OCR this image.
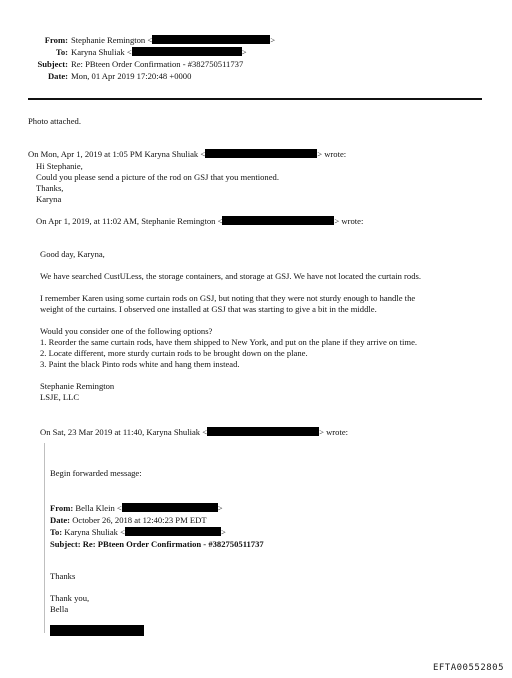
From: Stephanie Remington <	>
To: Karyna Shuliak <	>
Subject: Re: PBteen Order Confirmation - #382750511737
Date: Mon, 01 Apr 2019 17:20:48 +0000
Photo attached.
On Mon, Apr 1, 2019 at 1:05 PM Karyna Shuliak <	> wrote:
Hi Stephanie,
Could you please send a picture of the rod on GSJ that you mentioned.
Thanks,
Karyna
On Apr 1, 2019, at 11:02 AM, Stephanie Remington <	> wrote:
Good day, Karyna,
We have searched CustULess, the storage containers, and storage at GSJ. We have not located the curtain rods.
I remember Karen using some curtain rods on GSJ, but noting that they were not sturdy enough to handle the
weight of the curtains. I observed one installed at GSJ that was starting to give a bit in the middle.
Would you consider one of the following options?
1. Reorder the same curtain rods, have them shipped to New York, and put on the plane if they arrive on time.
2. Locate different, more sturdy curtain rods to be brought down on the plane.
3. Paint the black Pinto rods white and hang them instead.
Stephanie Remington
LSJE, LLC
On Sat, 23 Mar 2019 at 11:40, Karyna Shuliak <	> wrote:
Begin forwarded message:
From: Bella Klein <	>
Date: October 26, 2018 at 12:40:23 PM EDT
To: Karyna Shuliak <	>
Subject: Re: PBteen Order Confirmation - #382750511737
Thanks
Thank you,
Bella
EFTA00552805
